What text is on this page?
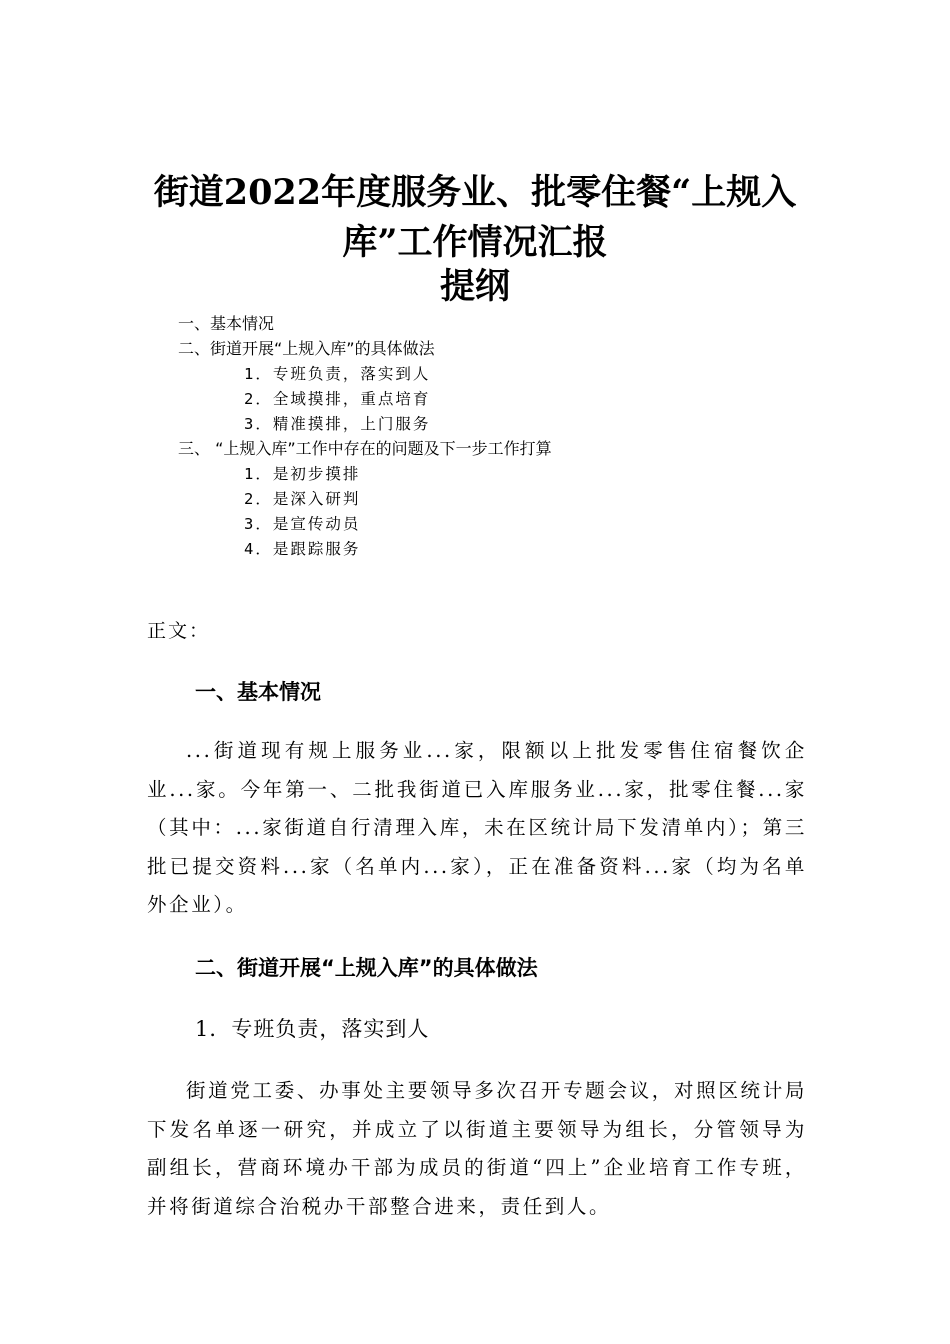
街道2022年度服务业、批零住餐“上规入
库”工作情况汇报
提纲
一、基本情况
二、街道开展“上规入库”的具体做法
1．专班负责，落实到人
2．全域摸排，重点培育
3．精准摸排，上门服务
三、 “上规入库”工作中存在的问题及下一步工作打算
1．是初步摸排
2．是深入研判
3．是宣传动员
4．是跟踪服务
正文：
一、基本情况
...街道现有规上服务业...家，限额以上批发零售住宿餐饮企业...家。今年第一、二批我街道已入库服务业...家，批零住餐...家（其中：...家街道自行清理入库，未在区统计局下发清单内）；第三批已提交资料...家（名单内...家），正在准备资料...家（均为名单外企业）。
二、街道开展“上规入库”的具体做法
1．专班负责，落实到人
街道党工委、办事处主要领导多次召开专题会议，对照区统计局下发名单逐一研究，并成立了以街道主要领导为组长，分管领导为副组长，营商环境办干部为成员的街道“四上”企业培育工作专班，并将街道综合治税办干部整合进来，责任到人。
